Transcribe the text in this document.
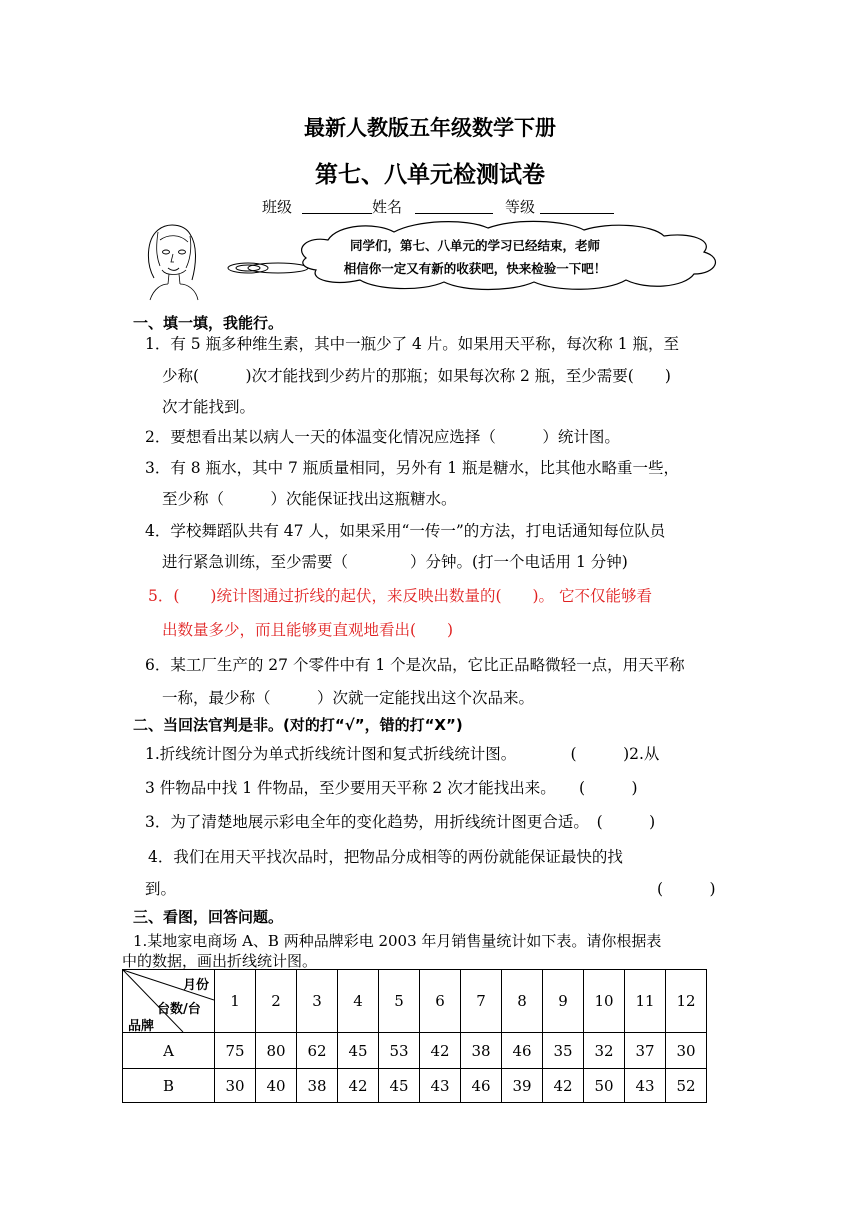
最新人教版五年级数学下册
第七、八单元检测试卷
班级	姓名	等级
同学们，第七、八单元的学习已经结束，老师
相信你一定又有新的收获吧，快来检验一下吧！
一、填一填，我能行。
1．有 5 瓶多种维生素，其中一瓶少了 4 片。如果用天平称，每次称 1 瓶，至
少称(　　　)次才能找到少药片的那瓶；如果每次称 2 瓶，至少需要(　　)
次才能找到。
2．要想看出某以病人一天的体温变化情况应选择（　　　）统计图。
3．有 8 瓶水，其中 7 瓶质量相同，另外有 1 瓶是糖水，比其他水略重一些，
至少称（　　　）次能保证找出这瓶糖水。
4．学校舞蹈队共有 47 人，如果采用“一传一”的方法，打电话通知每位队员
进行紧急训练，至少需要（　　　　）分钟。(打一个电话用 1 分钟)
5．(　　)统计图通过折线的起伏，来反映出数量的(　　)。 它不仅能够看
出数量多少，而且能够更直观地看出(　　)
6．某工厂生产的 27 个零件中有 1 个是次品，它比正品略微轻一点，用天平称
一称，最少称（　　　）次就一定能找出这个次品来。
二、当回法官判是非。(对的打“√”，错的打“X”)
1.折线统计图分为单式折线统计图和复式折线统计图。　　　　(　　　)2.从
3 件物品中找 1 件物品，至少要用天平称 2 次才能找出来。　　(　　　)
3．为了清楚地展示彩电全年的变化趋势，用折线统计图更合适。　(　　　)
4．我们在用天平找次品时，把物品分成相等的两份就能保证最快的找
到。	(　　　)
三、看图，回答问题。
1.某地家电商场 A、B 两种品牌彩电 2003 年月销售量统计如下表。请你根据表
中的数据，画出折线统计图。
月份
台数/台
品牌	1	2	3	4	5	6	7	8	9	10	11	12
A	75	80	62	45	53	42	38	46	35	32	37	30
B	30	40	38	42	45	43	46	39	42	50	43	52
